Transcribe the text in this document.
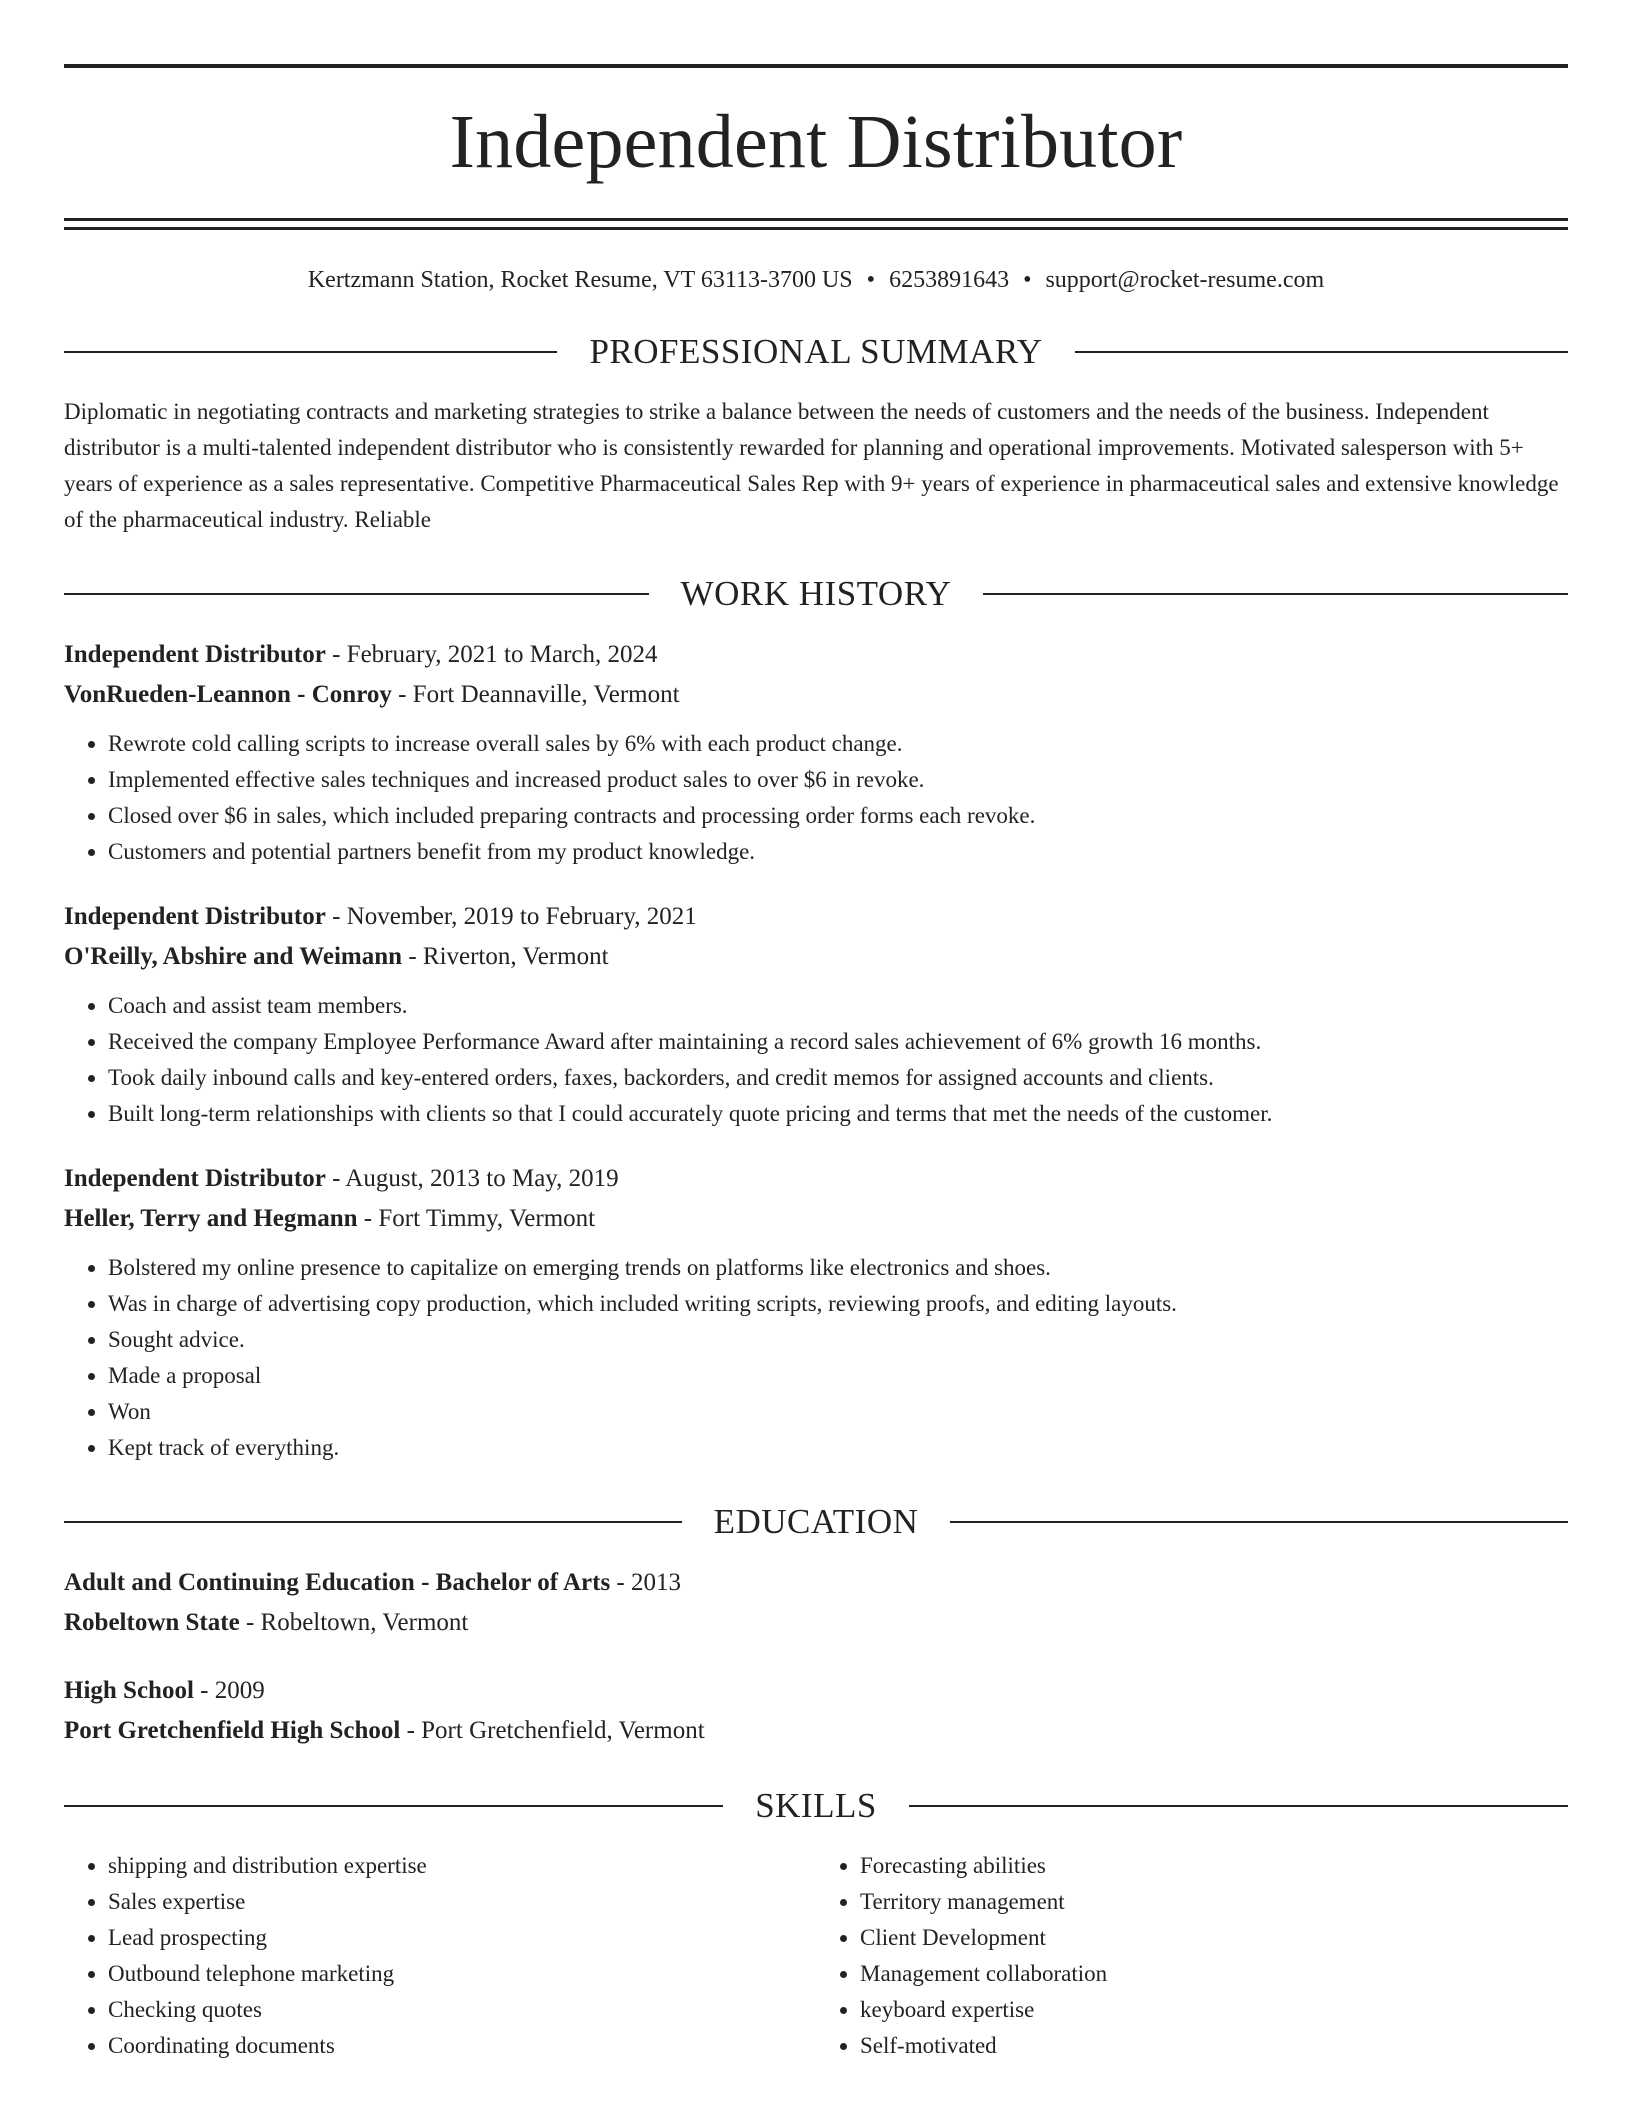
Independent Distributor
Kertzmann Station, Rocket Resume, VT 63113-3700 US • 6253891643 • support@rocket-resume.com
PROFESSIONAL SUMMARY

Diplomatic in negotiating contracts and marketing strategies to strike a balance between the needs of customers and the needs of the business. Independent distributor is a multi-talented independent distributor who is consistently rewarded for planning and operational improvements. Motivated salesperson with 5+ years of experience as a sales representative. Competitive Pharmaceutical Sales Rep with 9+ years of experience in pharmaceutical sales and extensive knowledge of the pharmaceutical industry. Reliable

WORK HISTORY
Independent Distributor - February, 2021 to March, 2024
VonRueden-Leannon - Conroy - Fort Deannaville, Vermont
• Rewrote cold calling scripts to increase overall sales by 6% with each product change.
• Implemented effective sales techniques and increased product sales to over $6 in revoke.
• Closed over $6 in sales, which included preparing contracts and processing order forms each revoke.
• Customers and potential partners benefit from my product knowledge.
Independent Distributor - November, 2019 to February, 2021
O'Reilly, Abshire and Weimann - Riverton, Vermont
• Coach and assist team members.
• Received the company Employee Performance Award after maintaining a record sales achievement of 6% growth 16 months.
• Took daily inbound calls and key-entered orders, faxes, backorders, and credit memos for assigned accounts and clients.
• Built long-term relationships with clients so that I could accurately quote pricing and terms that met the needs of the customer.
Independent Distributor - August, 2013 to May, 2019
Heller, Terry and Hegmann - Fort Timmy, Vermont
• Bolstered my online presence to capitalize on emerging trends on platforms like electronics and shoes.
• Was in charge of advertising copy production, which included writing scripts, reviewing proofs, and editing layouts.
• Sought advice.
• Made a proposal
• Won
• Kept track of everything.
EDUCATION
Adult and Continuing Education - Bachelor of Arts - 2013
Robeltown State - Robeltown, Vermont
High School - 2009
Port Gretchenfield High School - Port Gretchenfield, Vermont
SKILLS
• shipping and distribution expertise
• Sales expertise
• Lead prospecting
• Outbound telephone marketing
• Checking quotes
• Coordinating documents
• Forecasting abilities
• Territory management
• Client Development
• Management collaboration
• keyboard expertise
• Self-motivated
